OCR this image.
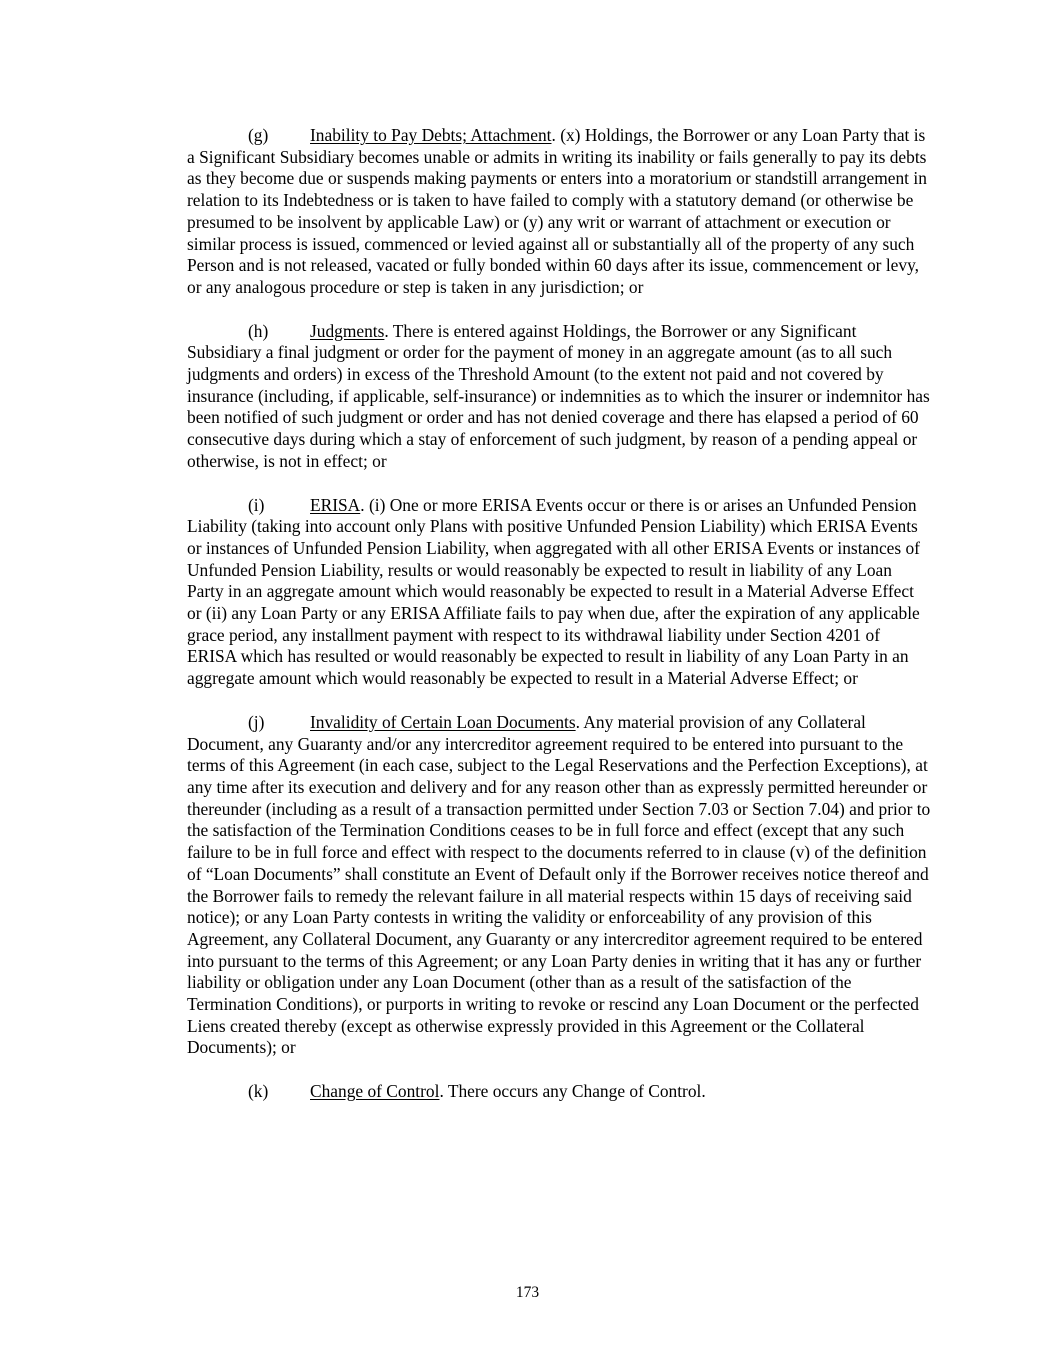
(g) Inability to Pay Debts; Attachment. (x) Holdings, the Borrower or any Loan Party that is a Significant Subsidiary becomes unable or admits in writing its inability or fails generally to pay its debts as they become due or suspends making payments or enters into a moratorium or standstill arrangement in relation to its Indebtedness or is taken to have failed to comply with a statutory demand (or otherwise be presumed to be insolvent by applicable Law) or (y) any writ or warrant of attachment or execution or similar process is issued, commenced or levied against all or substantially all of the property of any such Person and is not released, vacated or fully bonded within 60 days after its issue, commencement or levy, or any analogous procedure or step is taken in any jurisdiction; or

(h) Judgments. There is entered against Holdings, the Borrower or any Significant Subsidiary a final judgment or order for the payment of money in an aggregate amount (as to all such judgments and orders) in excess of the Threshold Amount (to the extent not paid and not covered by insurance (including, if applicable, self-insurance) or indemnities as to which the insurer or indemnitor has been notified of such judgment or order and has not denied coverage and there has elapsed a period of 60 consecutive days during which a stay of enforcement of such judgment, by reason of a pending appeal or otherwise, is not in effect; or

(i)	ERISA. (i) One or more ERISA Events occur or there is or arises an Unfunded Pension Liability (taking into account only Plans with positive Unfunded Pension Liability) which ERISA Events or instances of Unfunded Pension Liability, when aggregated with all other ERISA Events or instances of Unfunded Pension Liability, results or would reasonably be expected to result in liability of any Loan Party in an aggregate amount which would reasonably be expected to result in a Material Adverse Effect or (ii) any Loan Party or any ERISA Affiliate fails to pay when due, after the expiration of any applicable grace period, any installment payment with respect to its withdrawal liability under Section 4201 of ERISA which has resulted or would reasonably be expected to result in liability of any Loan Party in an aggregate amount which would reasonably be expected to result in a Material Adverse Effect; or

(j)	Invalidity of Certain Loan Documents. Any material provision of any Collateral Document, any Guaranty and/or any intercreditor agreement required to be entered into pursuant to the terms of this Agreement (in each case, subject to the Legal Reservations and the Perfection Exceptions), at any time after its execution and delivery and for any reason other than as expressly permitted hereunder or thereunder (including as a result of a transaction permitted under Section 7.03 or Section 7.04) and prior to the satisfaction of the Termination Conditions ceases to be in full force and effect (except that any such failure to be in full force and effect with respect to the documents referred to in clause (v) of the definition of “Loan Documents” shall constitute an Event of Default only if the Borrower receives notice thereof and the Borrower fails to remedy the relevant failure in all material respects within 15 days of receiving said notice); or any Loan Party contests in writing the validity or enforceability of any provision of this Agreement, any Collateral Document, any Guaranty or any intercreditor agreement required to be entered into pursuant to the terms of this Agreement; or any Loan Party denies in writing that it has any or further liability or obligation under any Loan Document (other than as a result of the satisfaction of the Termination Conditions), or purports in writing to revoke or rescind any Loan Document or the perfected Liens created thereby (except as otherwise expressly provided in this Agreement or the Collateral Documents); or

(k) Change of Control. There occurs any Change of Control.

173
